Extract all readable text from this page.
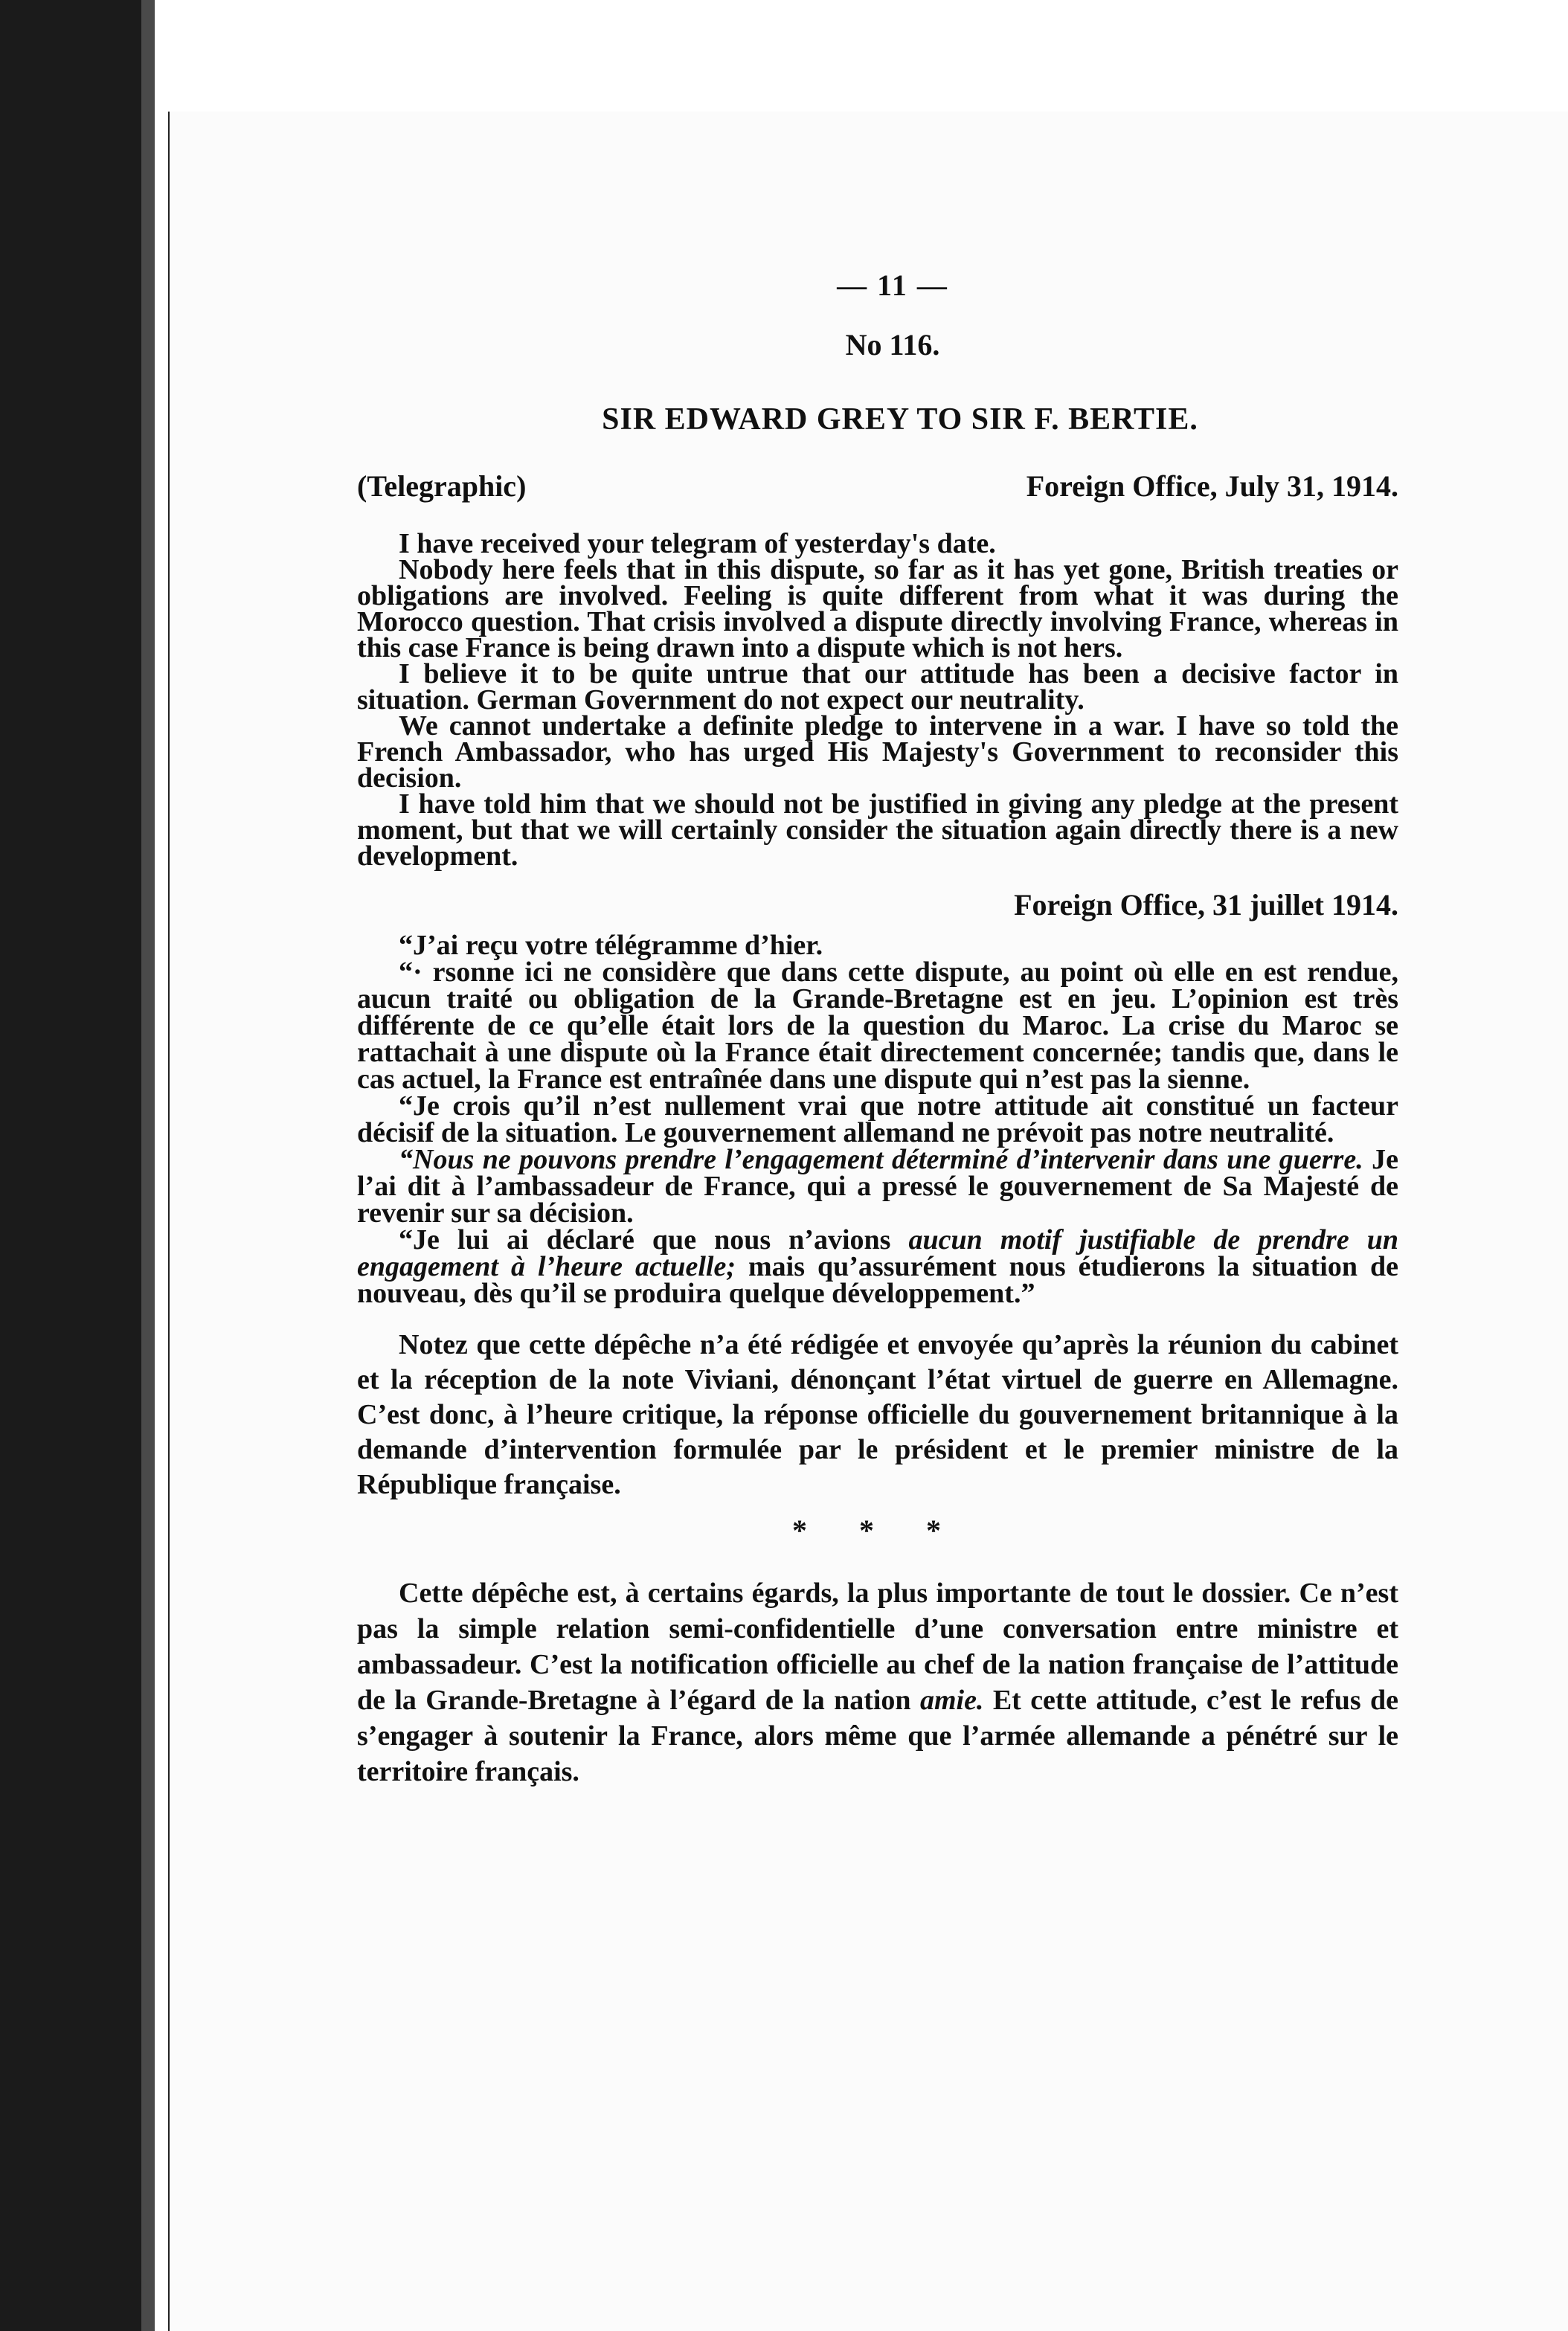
— 11 —
No 116.
SIR EDWARD GREY TO SIR F. BERTIE.
(Telegraphic)	Foreign Office, July 31, 1914.

I have received your telegram of yesterday's date.

Nobody here feels that in this dispute, so far as it has yet gone, British treaties or obligations are involved. Feeling is quite different from what it was during the Morocco question. That crisis involved a dispute directly involving France, whereas in this case France is being drawn into a dispute which is not hers.

I believe it to be quite untrue that our attitude has been a decisive factor in situation. German Government do not expect our neutrality.

We cannot undertake a definite pledge to intervene in a war. I have so told the French Ambassador, who has urged His Majesty's Government to reconsider this decision.

I have told him that we should not be justified in giving any pledge at the present moment, but that we will certainly consider the situation again directly there is a new development.

Foreign Office, 31 juillet 1914.

“J’ai reçu votre télégramme d’hier.

“· rsonne ici ne considère que dans cette dispute, au point où elle en est rendue, aucun traité ou obligation de la Grande-Bretagne est en jeu. L’opinion est très différente de ce qu’elle était lors de la question du Maroc. La crise du Maroc se rattachait à une dispute où la France était directement concernée; tandis que, dans le cas actuel, la France est entraînée dans une dispute qui n’est pas la sienne.

“Je crois qu’il n’est nullement vrai que notre attitude ait constitué un facteur décisif de la situation. Le gouvernement allemand ne prévoit pas notre neutralité.

“Nous ne pouvons prendre l’engagement déterminé d’intervenir dans une guerre. Je l’ai dit à l’ambassadeur de France, qui a pressé le gouvernement de Sa Majesté de revenir sur sa décision.

“Je lui ai déclaré que nous n’avions aucun motif justifiable de prendre un engagement à l’heure actuelle; mais qu’assurément nous étudierons la situation de nouveau, dès qu’il se produira quelque développement.”

Notez que cette dépêche n’a été rédigée et envoyée qu’après la réunion du cabinet et la réception de la note Viviani, dénonçant l’état virtuel de guerre en Allemagne. C’est donc, à l’heure critique, la réponse officielle du gouvernement britannique à la demande d’intervention formulée par le président et le premier ministre de la République française.

* * *

Cette dépêche est, à certains égards, la plus importante de tout le dossier. Ce n’est pas la simple relation semi-confidentielle d’une conversation entre ministre et ambassadeur. C’est la notification officielle au chef de la nation française de l’attitude de la Grande-Bretagne à l’égard de la nation amie. Et cette attitude, c’est le refus de s’engager à soutenir la France, alors même que l’armée allemande a pénétré sur le territoire français.
